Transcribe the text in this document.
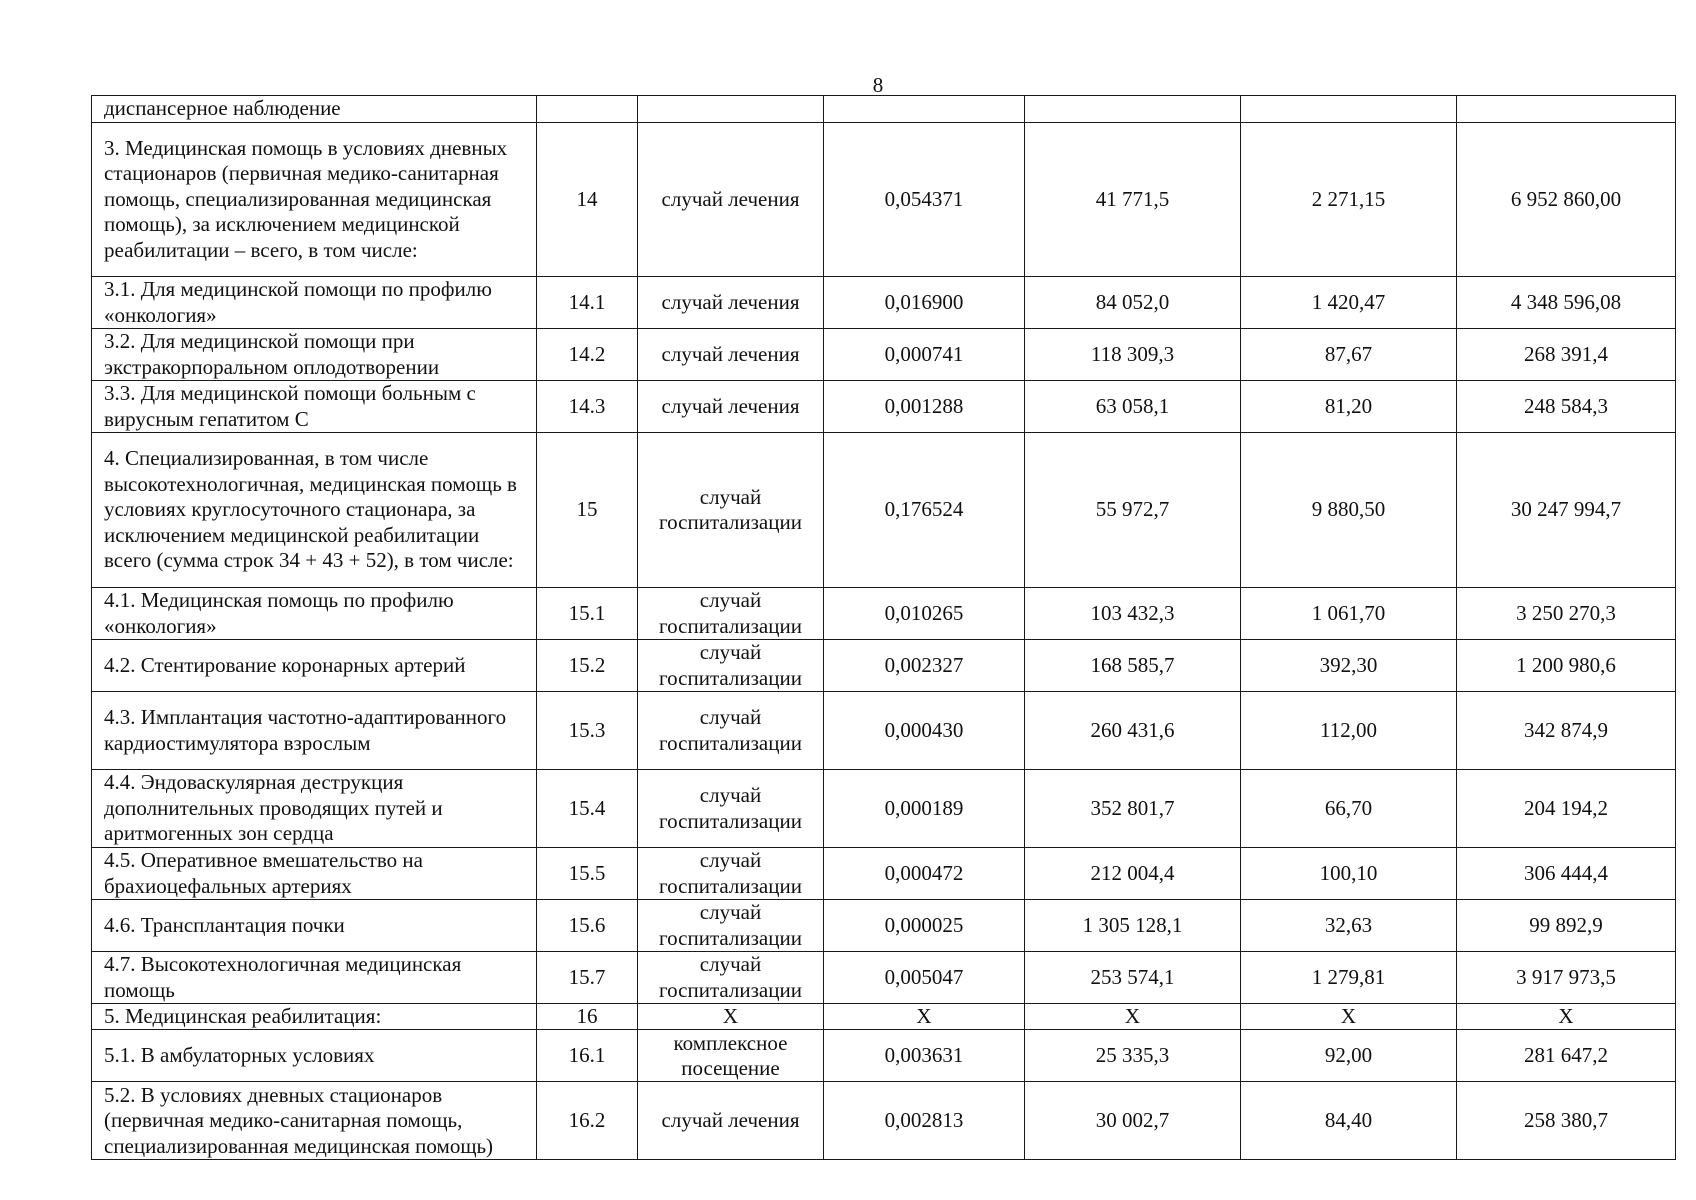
8
диспансерное наблюдение						
3. Медицинская помощь в условиях дневных стационаров (первичная медико-санитарная помощь, специализированная медицинская помощь), за исключением медицинской реабилитации – всего, в том числе:	14	случай лечения	0,054371	41 771,5	2 271,15	6 952 860,00
3.1. Для медицинской помощи по профилю «онкология»	14.1	случай лечения	0,016900	84 052,0	1 420,47	4 348 596,08
3.2. Для медицинской помощи при экстракорпоральном оплодотворении	14.2	случай лечения	0,000741	118 309,3	87,67	268 391,4
3.3. Для медицинской помощи больным с вирусным гепатитом С	14.3	случай лечения	0,001288	63 058,1	81,20	248 584,3
4. Специализированная, в том числе высокотехнологичная, медицинская помощь в условиях круглосуточного стационара, за исключением медицинской реабилитации всего (сумма строк 34 + 43 + 52), в том числе:	15	случай госпитализации	0,176524	55 972,7	9 880,50	30 247 994,7
4.1. Медицинская помощь по профилю «онкология»	15.1	случай госпитализации	0,010265	103 432,3	1 061,70	3 250 270,3
4.2. Стентирование коронарных артерий	15.2	случай госпитализации	0,002327	168 585,7	392,30	1 200 980,6
4.3. Имплантация частотно-адаптированного кардиостимулятора взрослым	15.3	случай госпитализации	0,000430	260 431,6	112,00	342 874,9
4.4. Эндоваскулярная деструкция дополнительных проводящих путей и аритмогенных зон сердца	15.4	случай госпитализации	0,000189	352 801,7	66,70	204 194,2
4.5. Оперативное вмешательство на брахиоцефальных артериях	15.5	случай госпитализации	0,000472	212 004,4	100,10	306 444,4
4.6. Трансплантация почки	15.6	случай госпитализации	0,000025	1 305 128,1	32,63	99 892,9
4.7. Высокотехнологичная медицинская помощь	15.7	случай госпитализации	0,005047	253 574,1	1 279,81	3 917 973,5
5. Медицинская реабилитация:	16	X	X	X	X	X
5.1. В амбулаторных условиях	16.1	комплексное посещение	0,003631	25 335,3	92,00	281 647,2
5.2. В условиях дневных стационаров (первичная медико-санитарная помощь, специализированная медицинская помощь)	16.2	случай лечения	0,002813	30 002,7	84,40	258 380,7
